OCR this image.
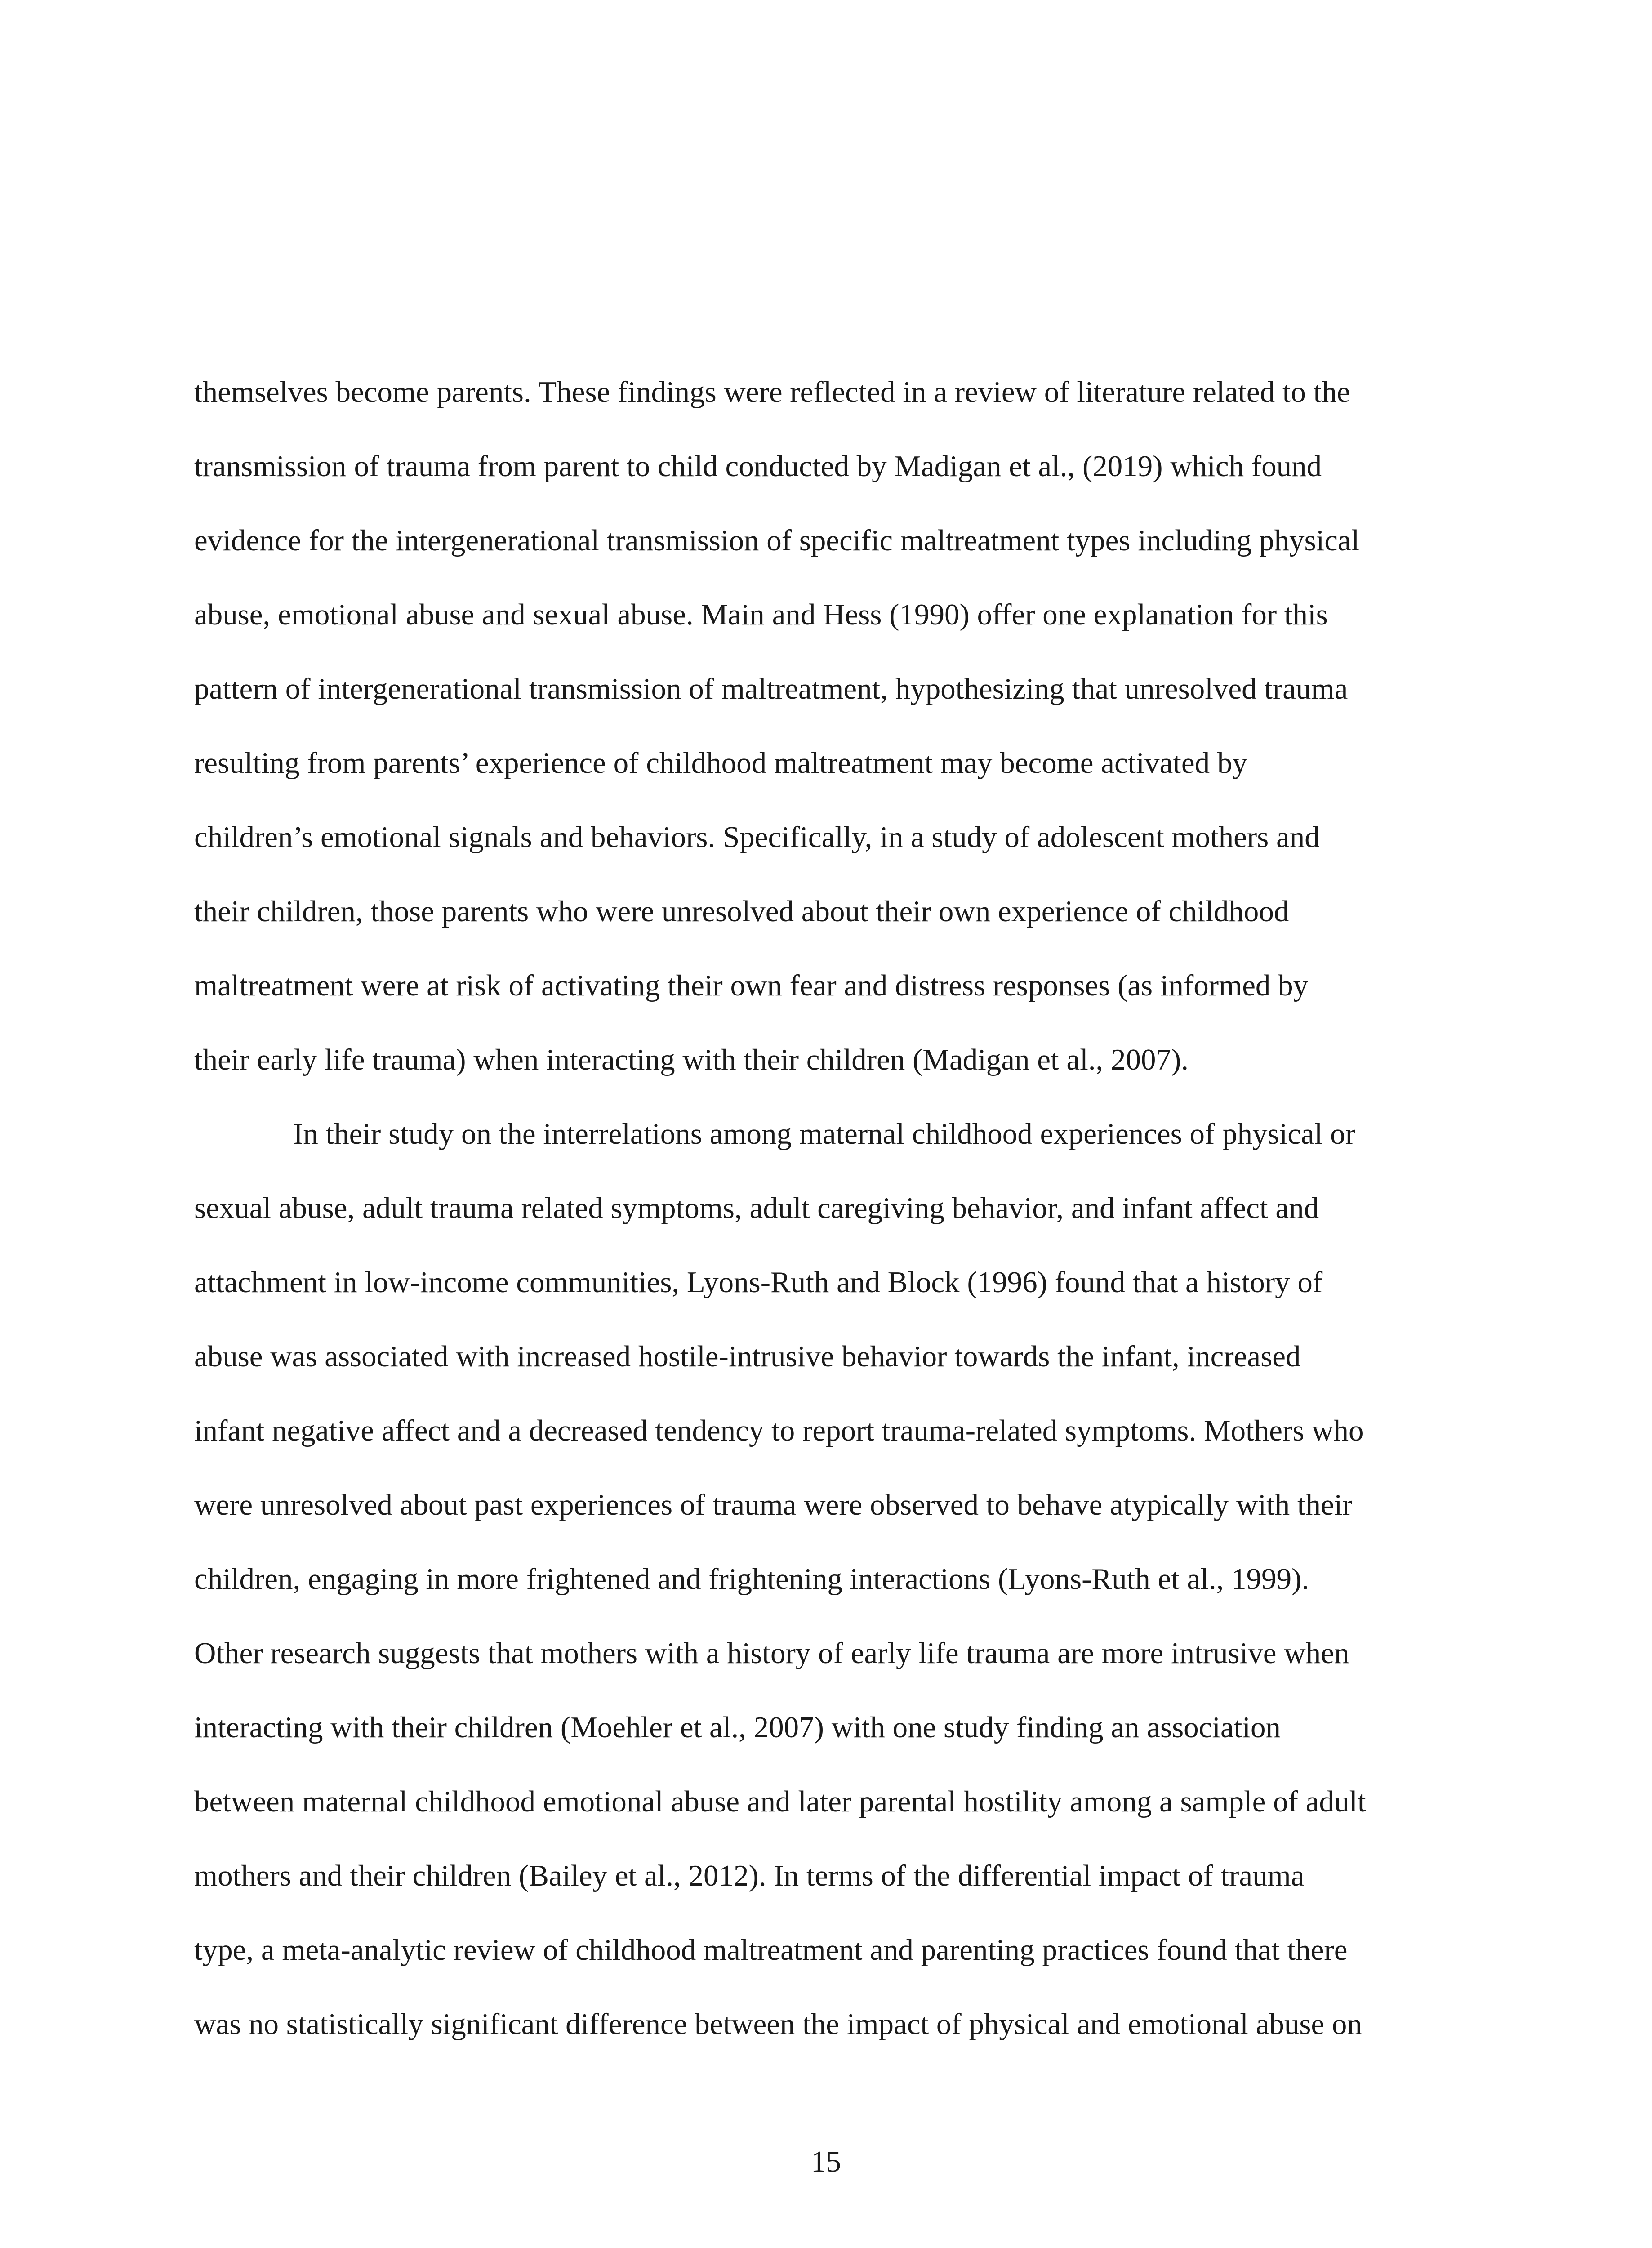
themselves become parents. These findings were reflected in a review of literature related to the
transmission of trauma from parent to child conducted by Madigan et al., (2019) which found
evidence for the intergenerational transmission of specific maltreatment types including physical
abuse, emotional abuse and sexual abuse. Main and Hess (1990) offer one explanation for this
pattern of intergenerational transmission of maltreatment, hypothesizing that unresolved trauma
resulting from parents’ experience of childhood maltreatment may become activated by
children’s emotional signals and behaviors. Specifically, in a study of adolescent mothers and
their children, those parents who were unresolved about their own experience of childhood
maltreatment were at risk of activating their own fear and distress responses (as informed by
their early life trauma) when interacting with their children (Madigan et al., 2007).
In their study on the interrelations among maternal childhood experiences of physical or
sexual abuse, adult trauma related symptoms, adult caregiving behavior, and infant affect and
attachment in low-income communities, Lyons-Ruth and Block (1996) found that a history of
abuse was associated with increased hostile-intrusive behavior towards the infant, increased
infant negative affect and a decreased tendency to report trauma-related symptoms. Mothers who
were unresolved about past experiences of trauma were observed to behave atypically with their
children, engaging in more frightened and frightening interactions (Lyons-Ruth et al., 1999).
Other research suggests that mothers with a history of early life trauma are more intrusive when
interacting with their children (Moehler et al., 2007) with one study finding an association
between maternal childhood emotional abuse and later parental hostility among a sample of adult
mothers and their children (Bailey et al., 2012). In terms of the differential impact of trauma
type, a meta-analytic review of childhood maltreatment and parenting practices found that there
was no statistically significant difference between the impact of physical and emotional abuse on
15
